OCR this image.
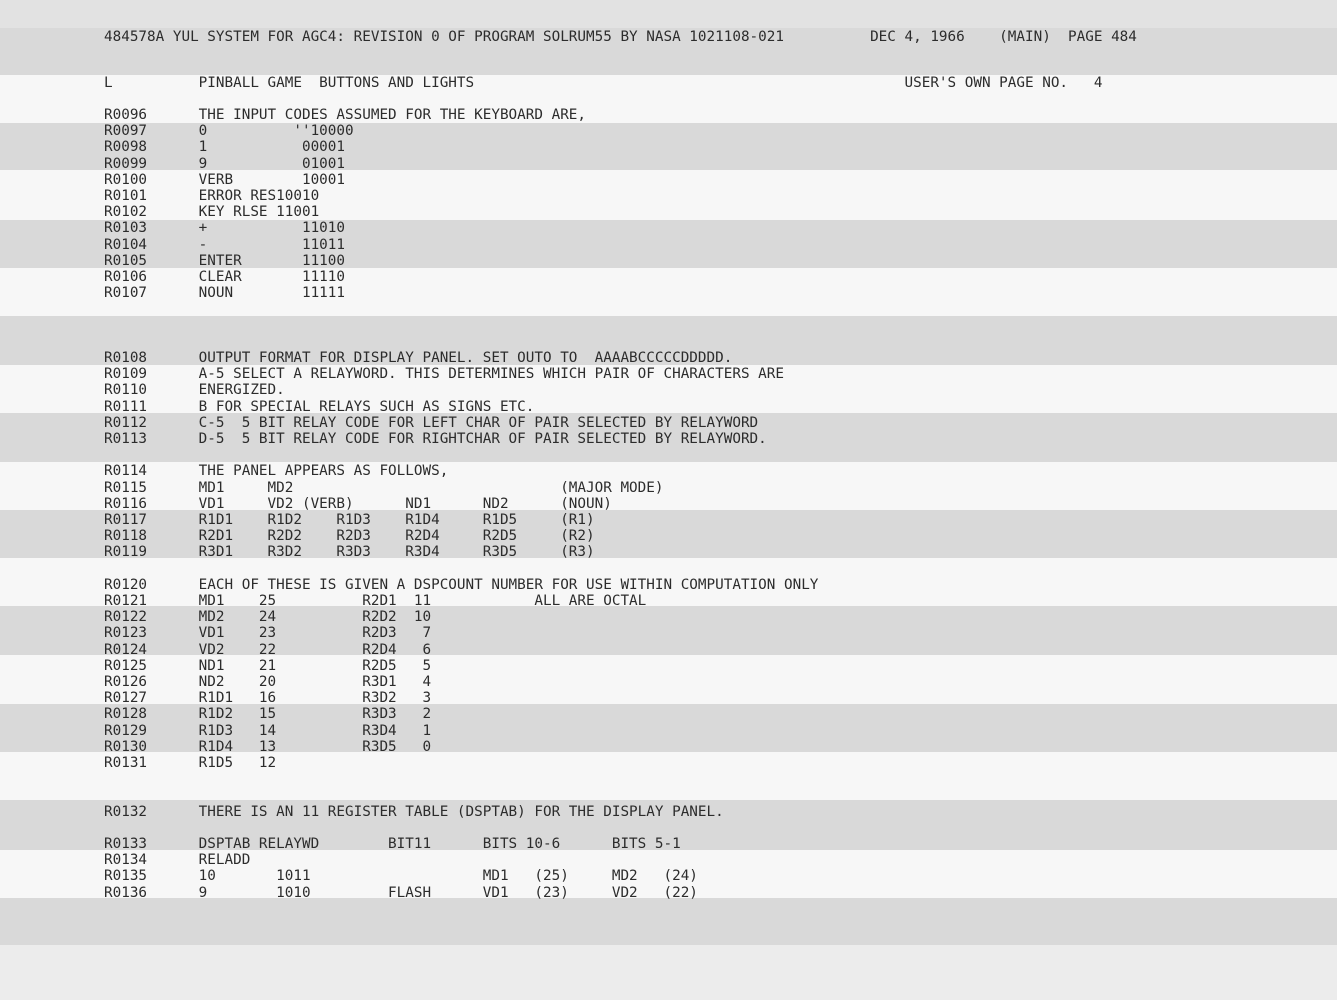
484578A YUL SYSTEM FOR AGC4: REVISION 0 OF PROGRAM SOLRUM55 BY NASA 1021108-021          DEC 4, 1966    (MAIN)  PAGE 484

L          PINBALL GAME  BUTTONS AND LIGHTS                                                  USER'S OWN PAGE NO.   4

R0096      THE INPUT CODES ASSUMED FOR THE KEYBOARD ARE,

R0097      0          ''10000

R0098      1           00001

R0099      9           01001

R0100      VERB        10001

R0101      ERROR RES10010

R0102      KEY RLSE 11001

R0103      +           11010

R0104      -           11011

R0105      ENTER       11100

R0106      CLEAR       11110

R0107      NOUN        11111

R0108      OUTPUT FORMAT FOR DISPLAY PANEL. SET OUTO TO  AAAABCCCCCDDDDD.

R0109      A-5 SELECT A RELAYWORD. THIS DETERMINES WHICH PAIR OF CHARACTERS ARE

R0110      ENERGIZED.

R0111      B FOR SPECIAL RELAYS SUCH AS SIGNS ETC.

R0112      C-5  5 BIT RELAY CODE FOR LEFT CHAR OF PAIR SELECTED BY RELAYWORD

R0113      D-5  5 BIT RELAY CODE FOR RIGHTCHAR OF PAIR SELECTED BY RELAYWORD.

R0114      THE PANEL APPEARS AS FOLLOWS,

R0115      MD1     MD2                               (MAJOR MODE)

R0116      VD1     VD2 (VERB)      ND1      ND2      (NOUN)

R0117      R1D1    R1D2    R1D3    R1D4     R1D5     (R1)

R0118      R2D1    R2D2    R2D3    R2D4     R2D5     (R2)

R0119      R3D1    R3D2    R3D3    R3D4     R3D5     (R3)

R0120      EACH OF THESE IS GIVEN A DSPCOUNT NUMBER FOR USE WITHIN COMPUTATION ONLY

R0121      MD1    25          R2D1  11            ALL ARE OCTAL

R0122      MD2    24          R2D2  10

R0123      VD1    23          R2D3   7

R0124      VD2    22          R2D4   6

R0125      ND1    21          R2D5   5

R0126      ND2    20          R3D1   4

R0127      R1D1   16          R3D2   3

R0128      R1D2   15          R3D3   2

R0129      R1D3   14          R3D4   1

R0130      R1D4   13          R3D5   0

R0131      R1D5   12

R0132      THERE IS AN 11 REGISTER TABLE (DSPTAB) FOR THE DISPLAY PANEL.

R0133      DSPTAB RELAYWD        BIT11      BITS 10-6      BITS 5-1

R0134      RELADD

R0135      10       1011                    MD1   (25)     MD2   (24)

R0136      9        1010         FLASH      VD1   (23)     VD2   (22)
